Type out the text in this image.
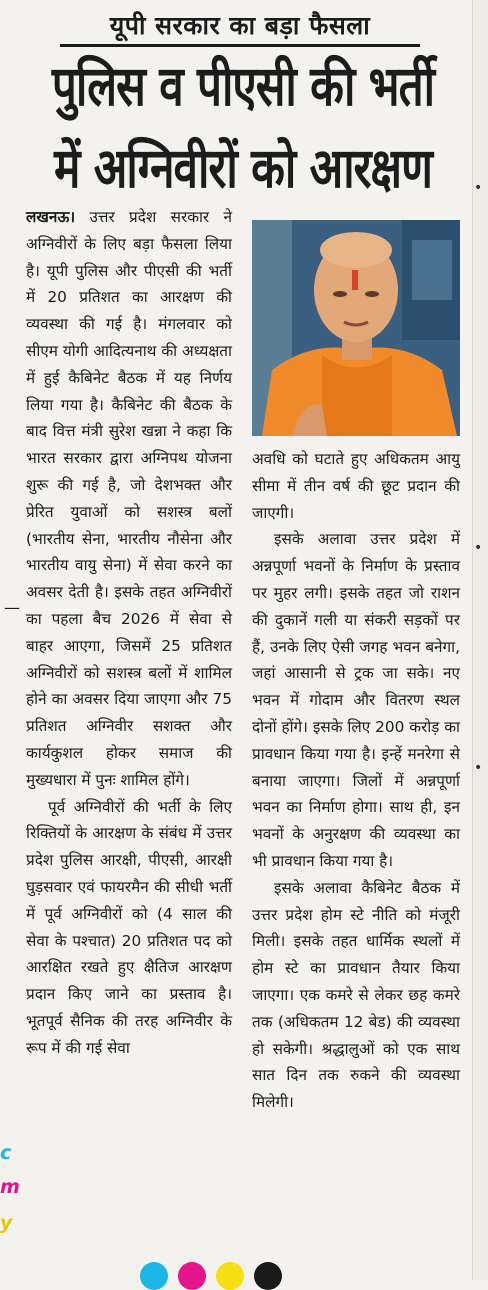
यूपी सरकार का बड़ा फैसला
पुलिस व पीएसी की भर्ती
में अग्निवीरों को आरक्षण

लखनऊ। उत्तर प्रदेश सरकार ने अग्निवीरों के लिए बड़ा फैसला लिया है। यूपी पुलिस और पीएसी की भर्ती में 20 प्रतिशत का आरक्षण की व्यवस्था की गई है। मंगलवार को सीएम योगी आदित्यनाथ की अध्यक्षता में हुई कैबिनेट बैठक में यह निर्णय लिया गया है। कैबिनेट की बैठक के बाद वित्त मंत्री सुरेश खन्ना ने कहा कि भारत सरकार द्वारा अग्निपथ योजना शुरू की गई है, जो देशभक्त और प्रेरित युवाओं को सशस्त्र बलों (भारतीय सेना, भारतीय नौसेना और भारतीय वायु सेना) में सेवा करने का अवसर देती है। इसके तहत अग्निवीरों का पहला बैच 2026 में सेवा से बाहर आएगा, जिसमें 25 प्रतिशत अग्निवीरों को सशस्त्र बलों में शामिल होने का अवसर दिया जाएगा और 75 प्रतिशत अग्निवीर सशक्त और कार्यकुशल होकर समाज की मुख्यधारा में पुनः शामिल होंगे।

पूर्व अग्निवीरों की भर्ती के लिए रिक्तियों के आरक्षण के संबंध में उत्तर प्रदेश पुलिस आरक्षी, पीएसी, आरक्षी घुड़सवार एवं फायरमैन की सीधी भर्ती में पूर्व अग्निवीरों को (4 साल की सेवा के पश्चात) 20 प्रतिशत पद को आरक्षित रखते हुए क्षैतिज आरक्षण प्रदान किए जाने का प्रस्ताव है। भूतपूर्व सैनिक की तरह अग्निवीर के रूप में की गई सेवा

अवधि को घटाते हुए अधिकतम आयु सीमा में तीन वर्ष की छूट प्रदान की जाएगी।

इसके अलावा उत्तर प्रदेश में अन्नपूर्णा भवनों के निर्माण के प्रस्ताव पर मुहर लगी। इसके तहत जो राशन की दुकानें गली या संकरी सड़कों पर हैं, उनके लिए ऐसी जगह भवन बनेगा, जहां आसानी से ट्रक जा सके। नए भवन में गोदाम और वितरण स्थल दोनों होंगे। इसके लिए 200 करोड़ का प्रावधान किया गया है। इन्हें मनरेगा से बनाया जाएगा। जिलों में अन्नपूर्णा भवन का निर्माण होगा। साथ ही, इन भवनों के अनुरक्षण की व्यवस्था का भी प्रावधान किया गया है।

इसके अलावा कैबिनेट बैठक में उत्तर प्रदेश होम स्टे नीति को मंजूरी मिली। इसके तहत धार्मिक स्थलों में होम स्टे का प्रावधान तैयार किया जाएगा। एक कमरे से लेकर छह कमरे तक (अधिकतम 12 बेड) की व्यवस्था हो सकेगी। श्रद्धालुओं को एक साथ सात दिन तक रुकने की व्यवस्था मिलेगी।

•
•
•
—
c
m
y
